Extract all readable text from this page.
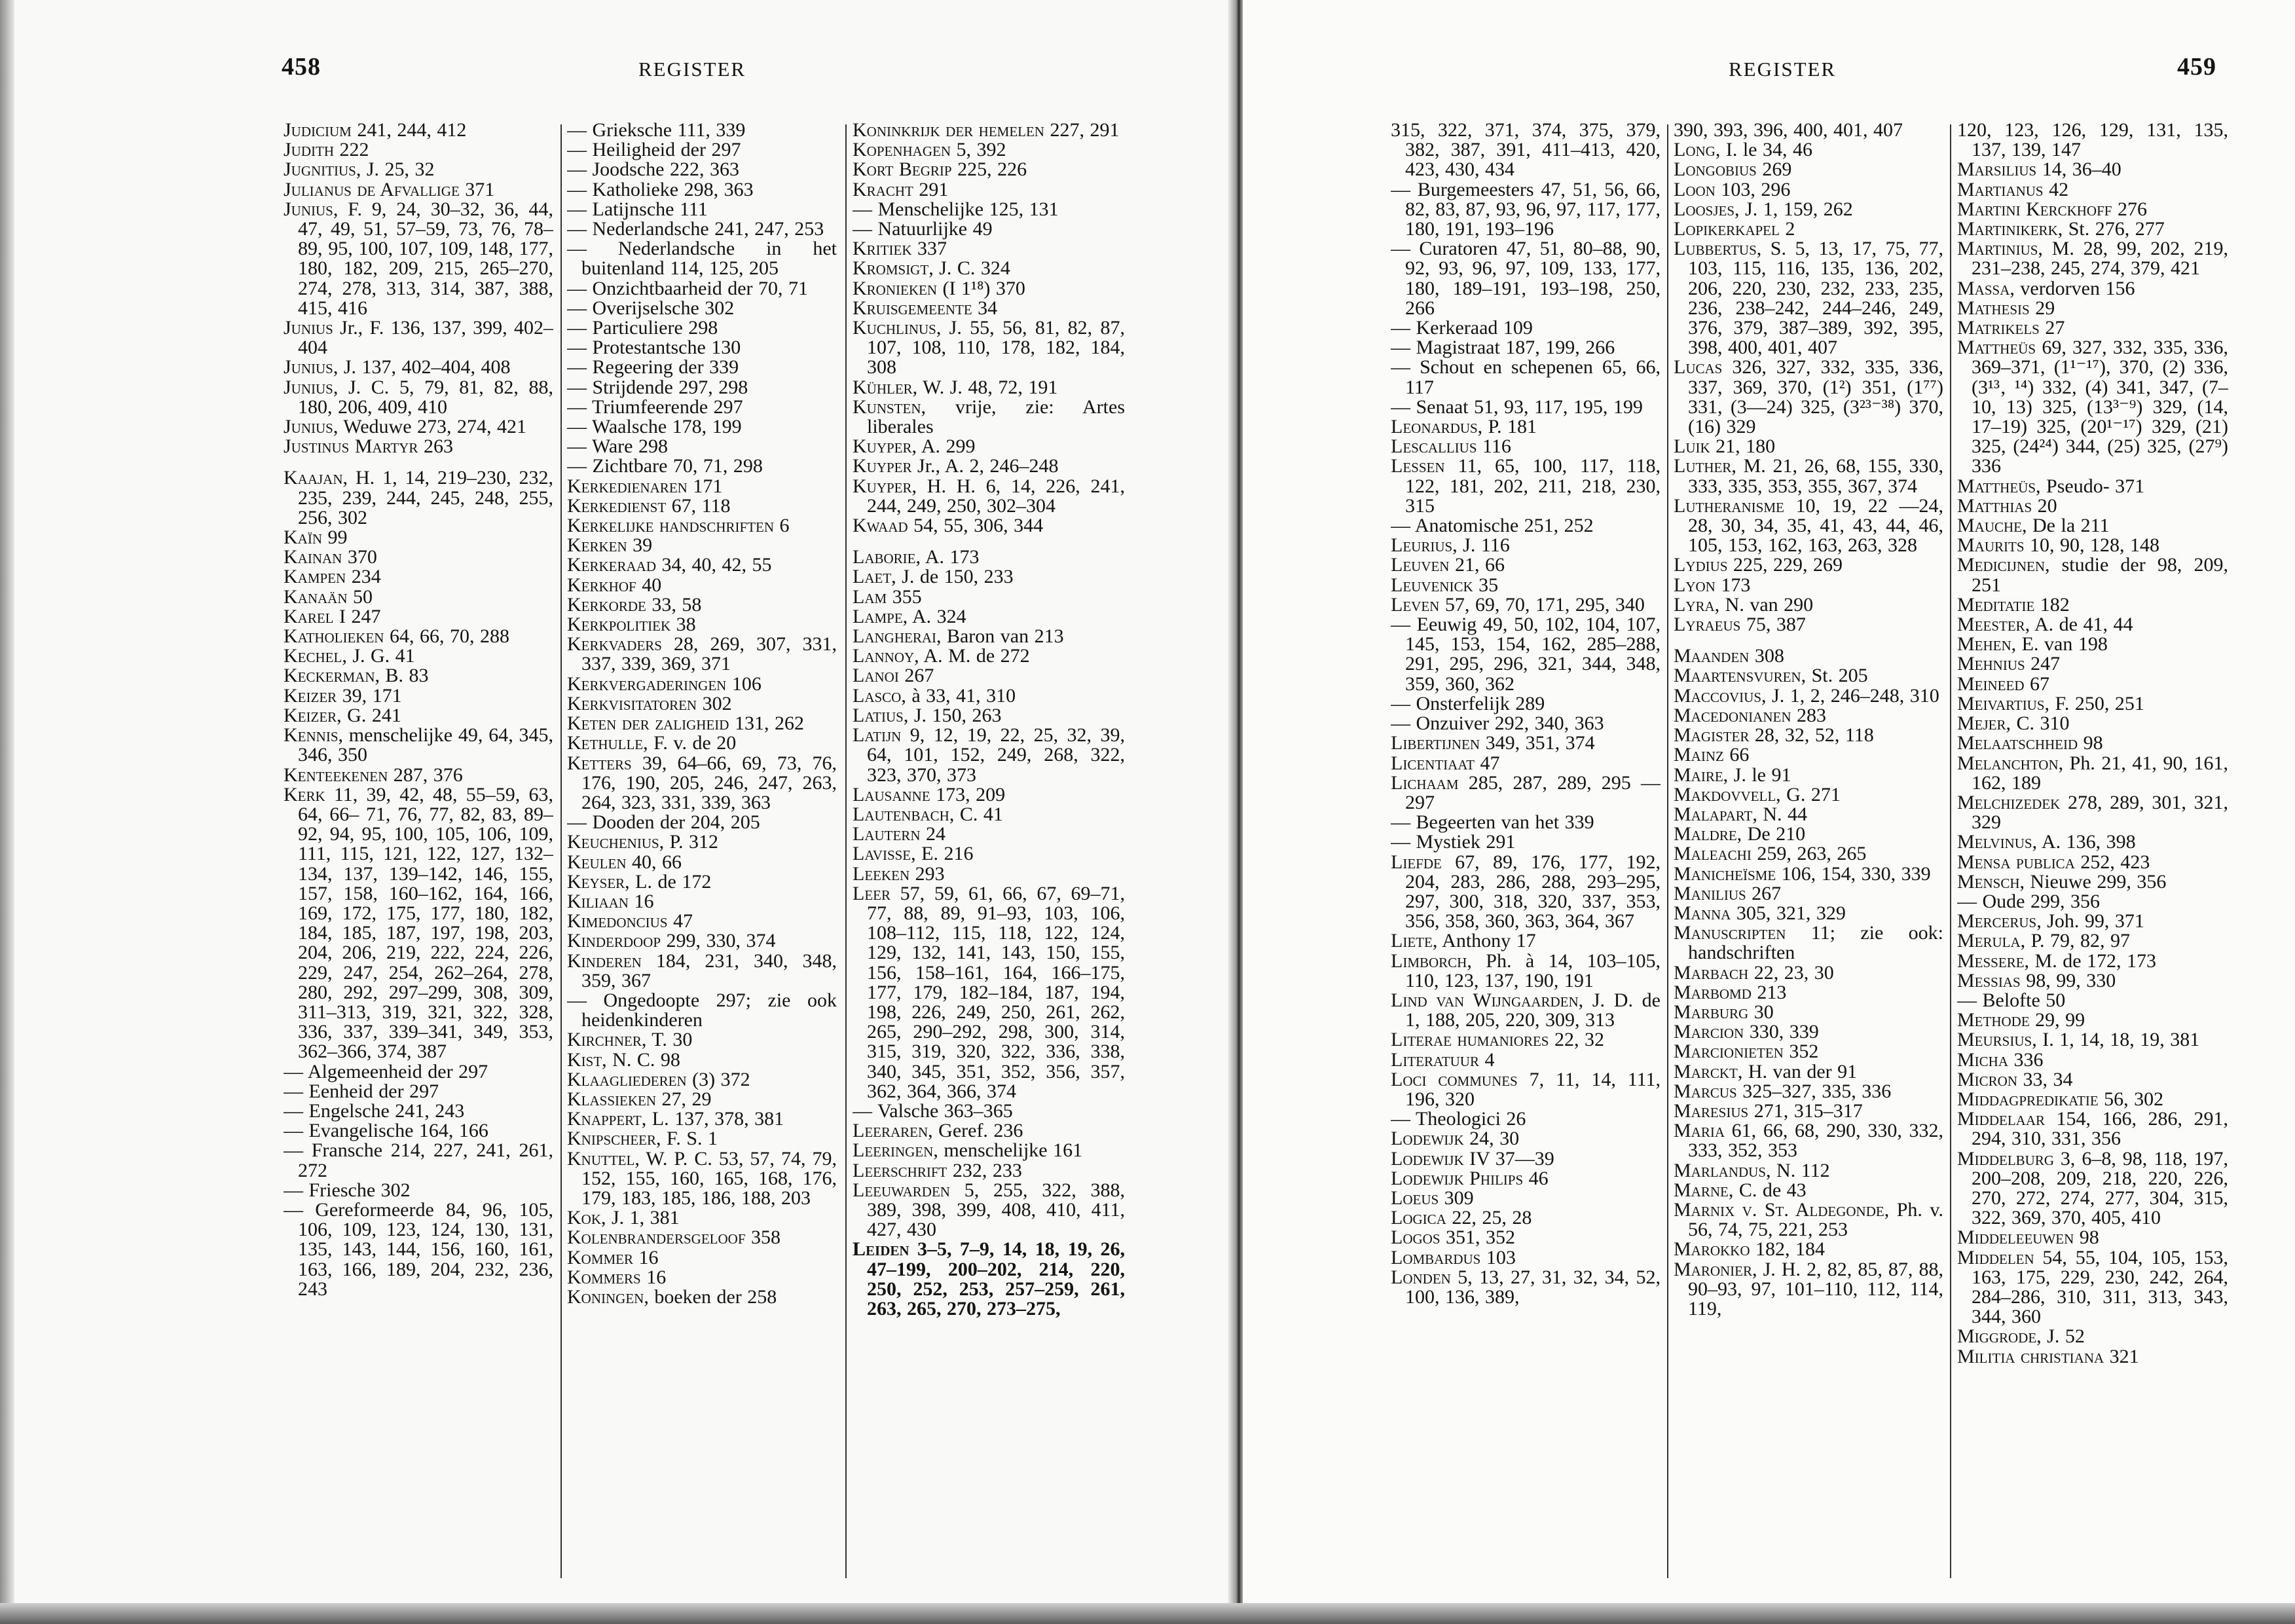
458	REGISTER

Judicium 241, 244, 412

Judith 222

Jugnitius, J. 25, 32

Julianus de Afvallige 371

Junius, F. 9, 24, 30–32, 36, 44, 47, 49, 51, 57–59, 73, 76, 78– 89, 95, 100, 107, 109, 148, 177, 180, 182, 209, 215, 265–270, 274, 278, 313, 314, 387, 388, 415, 416

Junius Jr., F. 136, 137, 399, 402–404

Junius, J. 137, 402–404, 408

Junius, J. C. 5, 79, 81, 82, 88, 180, 206, 409, 410

Junius, Weduwe 273, 274, 421

Justinus Martyr 263

Kaajan, H. 1, 14, 219–230, 232, 235, 239, 244, 245, 248, 255, 256, 302

Kaïn 99

Kainan 370

Kampen 234

Kanaän 50

Karel I 247

Katholieken 64, 66, 70, 288

Kechel, J. G. 41

Keckerman, B. 83

Keizer 39, 171

Keizer, G. 241

Kennis, menschelijke 49, 64, 345, 346, 350

Kenteekenen 287, 376

Kerk 11, 39, 42, 48, 55–59, 63, 64, 66– 71, 76, 77, 82, 83, 89– 92, 94, 95, 100, 105, 106, 109, 111, 115, 121, 122, 127, 132–134, 137, 139–142, 146, 155, 157, 158, 160–162, 164, 166, 169, 172, 175, 177, 180, 182, 184, 185, 187, 197, 198, 203, 204, 206, 219, 222, 224, 226, 229, 247, 254, 262–264, 278, 280, 292, 297–299, 308, 309, 311–313, 319, 321, 322, 328, 336, 337, 339–341, 349, 353, 362–366, 374, 387

— Algemeenheid der 297

— Eenheid der 297

— Engelsche 241, 243

— Evangelische 164, 166

— Fransche 214, 227, 241, 261, 272

— Friesche 302

— Gereformeerde 84, 96, 105, 106, 109, 123, 124, 130, 131, 135, 143, 144, 156, 160, 161, 163, 166, 189, 204, 232, 236, 243

— Grieksche 111, 339

— Heiligheid der 297

— Joodsche 222, 363

— Katholieke 298, 363

— Latijnsche 111

— Nederlandsche 241, 247, 253

— Nederlandsche in het buitenland 114, 125, 205

— Onzichtbaarheid der 70, 71

— Overijselsche 302

— Particuliere 298

— Protestantsche 130

— Regeering der 339

— Strijdende 297, 298

— Triumfeerende 297

— Waalsche 178, 199

— Ware 298

— Zichtbare 70, 71, 298

Kerkedienaren 171

Kerkedienst 67, 118

Kerkelijke handschriften 6

Kerken 39

Kerkeraad 34, 40, 42, 55

Kerkhof 40

Kerkorde 33, 58

Kerkpolitiek 38

Kerkvaders 28, 269, 307, 331, 337, 339, 369, 371

Kerkvergaderingen 106

Kerkvisitatoren 302

Keten der zaligheid 131, 262

Kethulle, F. v. de 20

Ketters 39, 64–66, 69, 73, 76, 176, 190, 205, 246, 247, 263, 264, 323, 331, 339, 363

— Dooden der 204, 205

Keuchenius, P. 312

Keulen 40, 66

Keyser, L. de 172

Kiliaan 16

Kimedoncius 47

Kinderdoop 299, 330, 374

Kinderen 184, 231, 340, 348, 359, 367

— Ongedoopte 297; zie ook heidenkinderen

Kirchner, T. 30

Kist, N. C. 98

Klaagliederen (3) 372

Klassieken 27, 29

Knappert, L. 137, 378, 381

Knipscheer, F. S. 1

Knuttel, W. P. C. 53, 57, 74, 79, 152, 155, 160, 165, 168, 176, 179, 183, 185, 186, 188, 203

Kok, J. 1, 381

Kolenbrandersgeloof 358

Kommer 16

Kommers 16

Koningen, boeken der 258

Koninkrijk der hemelen 227, 291

Kopenhagen 5, 392

Kort Begrip 225, 226

Kracht 291

— Menschelijke 125, 131

— Natuurlijke 49

Kritiek 337

Kromsigt, J. C. 324

Kronieken (I 1¹⁸) 370

Kruisgemeente 34

Kuchlinus, J. 55, 56, 81, 82, 87, 107, 108, 110, 178, 182, 184, 308

Kühler, W. J. 48, 72, 191

Kunsten, vrije, zie: Artes liberales

Kuyper, A. 299

Kuyper Jr., A. 2, 246–248

Kuyper, H. H. 6, 14, 226, 241, 244, 249, 250, 302–304

Kwaad 54, 55, 306, 344

Laborie, A. 173

Laet, J. de 150, 233

Lam 355

Lampe, A. 324

Langherai, Baron van 213

Lannoy, A. M. de 272

Lanoi 267

Lasco, à 33, 41, 310

Latius, J. 150, 263

Latijn 9, 12, 19, 22, 25, 32, 39, 64, 101, 152, 249, 268, 322, 323, 370, 373

Lausanne 173, 209

Lautenbach, C. 41

Lautern 24

Lavisse, E. 216

Leeken 293

Leer 57, 59, 61, 66, 67, 69–71, 77, 88, 89, 91–93, 103, 106, 108–112, 115, 118, 122, 124, 129, 132, 141, 143, 150, 155, 156, 158–161, 164, 166–175, 177, 179, 182–184, 187, 194, 198, 226, 249, 250, 261, 262, 265, 290–292, 298, 300, 314, 315, 319, 320, 322, 336, 338, 340, 345, 351, 352, 356, 357, 362, 364, 366, 374

— Valsche 363–365

Leeraren, Geref. 236

Leeringen, menschelijke 161

Leerschrift 232, 233

Leeuwarden 5, 255, 322, 388, 389, 398, 399, 408, 410, 411, 427, 430

Leiden 3–5, 7–9, 14, 18, 19, 26, 47–199, 200–202, 214, 220, 250, 252, 253, 257–259, 261, 263, 265, 270, 273–275,

REGISTER	459

315, 322, 371, 374, 375, 379, 382, 387, 391, 411–413, 420, 423, 430, 434

— Burgemeesters 47, 51, 56, 66, 82, 83, 87, 93, 96, 97, 117, 177, 180, 191, 193–196

— Curatoren 47, 51, 80–88, 90, 92, 93, 96, 97, 109, 133, 177, 180, 189–191, 193–198, 250, 266

— Kerkeraad 109

— Magistraat 187, 199, 266

— Schout en schepenen 65, 66, 117

— Senaat 51, 93, 117, 195, 199

Leonardus, P. 181

Lescallius 116

Lessen 11, 65, 100, 117, 118, 122, 181, 202, 211, 218, 230, 315

— Anatomische 251, 252

Leurius, J. 116

Leuven 21, 66

Leuvenick 35

Leven 57, 69, 70, 171, 295, 340

— Eeuwig 49, 50, 102, 104, 107, 145, 153, 154, 162, 285–288, 291, 295, 296, 321, 344, 348, 359, 360, 362

— Onsterfelijk 289

— Onzuiver 292, 340, 363

Libertijnen 349, 351, 374

Licentiaat 47

Lichaam 285, 287, 289, 295 —297

— Begeerten van het 339

— Mystiek 291

Liefde 67, 89, 176, 177, 192, 204, 283, 286, 288, 293–295, 297, 300, 318, 320, 337, 353, 356, 358, 360, 363, 364, 367

Liete, Anthony 17

Limborch, Ph. à 14, 103–105, 110, 123, 137, 190, 191

Lind van Wijngaarden, J. D. de 1, 188, 205, 220, 309, 313

Literae humaniores 22, 32

Literatuur 4

Loci communes 7, 11, 14, 111, 196, 320

— Theologici 26

Lodewijk 24, 30

Lodewijk IV 37—39

Lodewijk Philips 46

Loeus 309

Logica 22, 25, 28

Logos 351, 352

Lombardus 103

Londen 5, 13, 27, 31, 32, 34, 52, 100, 136, 389,

390, 393, 396, 400, 401, 407

Long, I. le 34, 46

Longobius 269

Loon 103, 296

Loosjes, J. 1, 159, 262

Lopikerkapel 2

Lubbertus, S. 5, 13, 17, 75, 77, 103, 115, 116, 135, 136, 202, 206, 220, 230, 232, 233, 235, 236, 238–242, 244–246, 249, 376, 379, 387–389, 392, 395, 398, 400, 401, 407

Lucas 326, 327, 332, 335, 336, 337, 369, 370, (1²) 351, (1⁷⁷) 331, (3—24) 325, (3²³⁻³⁸) 370, (16) 329

Luik 21, 180

Luther, M. 21, 26, 68, 155, 330, 333, 335, 353, 355, 367, 374

Lutheranisme 10, 19, 22 —24, 28, 30, 34, 35, 41, 43, 44, 46, 105, 153, 162, 163, 263, 328

Lydius 225, 229, 269

Lyon 173

Lyra, N. van 290

Lyraeus 75, 387

Maanden 308

Maartensvuren, St. 205

Maccovius, J. 1, 2, 246–248, 310

Macedonianen 283

Magister 28, 32, 52, 118

Mainz 66

Maire, J. le 91

Makdovvell, G. 271

Malapart, N. 44

Maldre, De 210

Maleachi 259, 263, 265

Manicheïsme 106, 154, 330, 339

Manilius 267

Manna 305, 321, 329

Manuscripten 11; zie ook: handschriften

Marbach 22, 23, 30

Marbomd 213

Marburg 30

Marcion 330, 339

Marcionieten 352

Marckt, H. van der 91

Marcus 325–327, 335, 336

Maresius 271, 315–317

Maria 61, 66, 68, 290, 330, 332, 333, 352, 353

Marlandus, N. 112

Marne, C. de 43

Marnix v. St. Aldegonde, Ph. v. 56, 74, 75, 221, 253

Marokko 182, 184

Maronier, J. H. 2, 82, 85, 87, 88, 90–93, 97, 101–110, 112, 114, 119,

120, 123, 126, 129, 131, 135, 137, 139, 147

Marsilius 14, 36–40

Martianus 42

Martini Kerckhoff 276

Martinikerk, St. 276, 277

Martinius, M. 28, 99, 202, 219, 231–238, 245, 274, 379, 421

Massa, verdorven 156

Mathesis 29

Matrikels 27

Mattheüs 69, 327, 332, 335, 336, 369–371, (1¹⁻¹⁷), 370, (2) 336, (3¹³‚ ¹⁴) 332, (4) 341, 347, (7–10, 13) 325, (13³⁻⁹) 329, (14, 17–19) 325, (20¹⁻¹⁷) 329, (21) 325, (24²⁴) 344, (25) 325, (27⁹) 336

Mattheüs, Pseudo- 371

Matthias 20

Mauche, De la 211

Maurits 10, 90, 128, 148

Medicijnen, studie der 98, 209, 251

Meditatie 182

Meester, A. de 41, 44

Mehen, E. van 198

Mehnius 247

Meineed 67

Meivartius, F. 250, 251

Mejer, C. 310

Melaatschheid 98

Melanchton, Ph. 21, 41, 90, 161, 162, 189

Melchizedek 278, 289, 301, 321, 329

Melvinus, A. 136, 398

Mensa publica 252, 423

Mensch, Nieuwe 299, 356

— Oude 299, 356

Mercerus, Joh. 99, 371

Merula, P. 79, 82, 97

Messere, M. de 172, 173

Messias 98, 99, 330

— Belofte 50

Methode 29, 99

Meursius, I. 1, 14, 18, 19, 381

Micha 336

Micron 33, 34

Middagpredikatie 56, 302

Middelaar 154, 166, 286, 291, 294, 310, 331, 356

Middelburg 3, 6–8, 98, 118, 197, 200–208, 209, 218, 220, 226, 270, 272, 274, 277, 304, 315, 322, 369, 370, 405, 410

Middeleeuwen 98

Middelen 54, 55, 104, 105, 153, 163, 175, 229, 230, 242, 264, 284–286, 310, 311, 313, 343, 344, 360

Miggrode, J. 52

Militia christiana 321
